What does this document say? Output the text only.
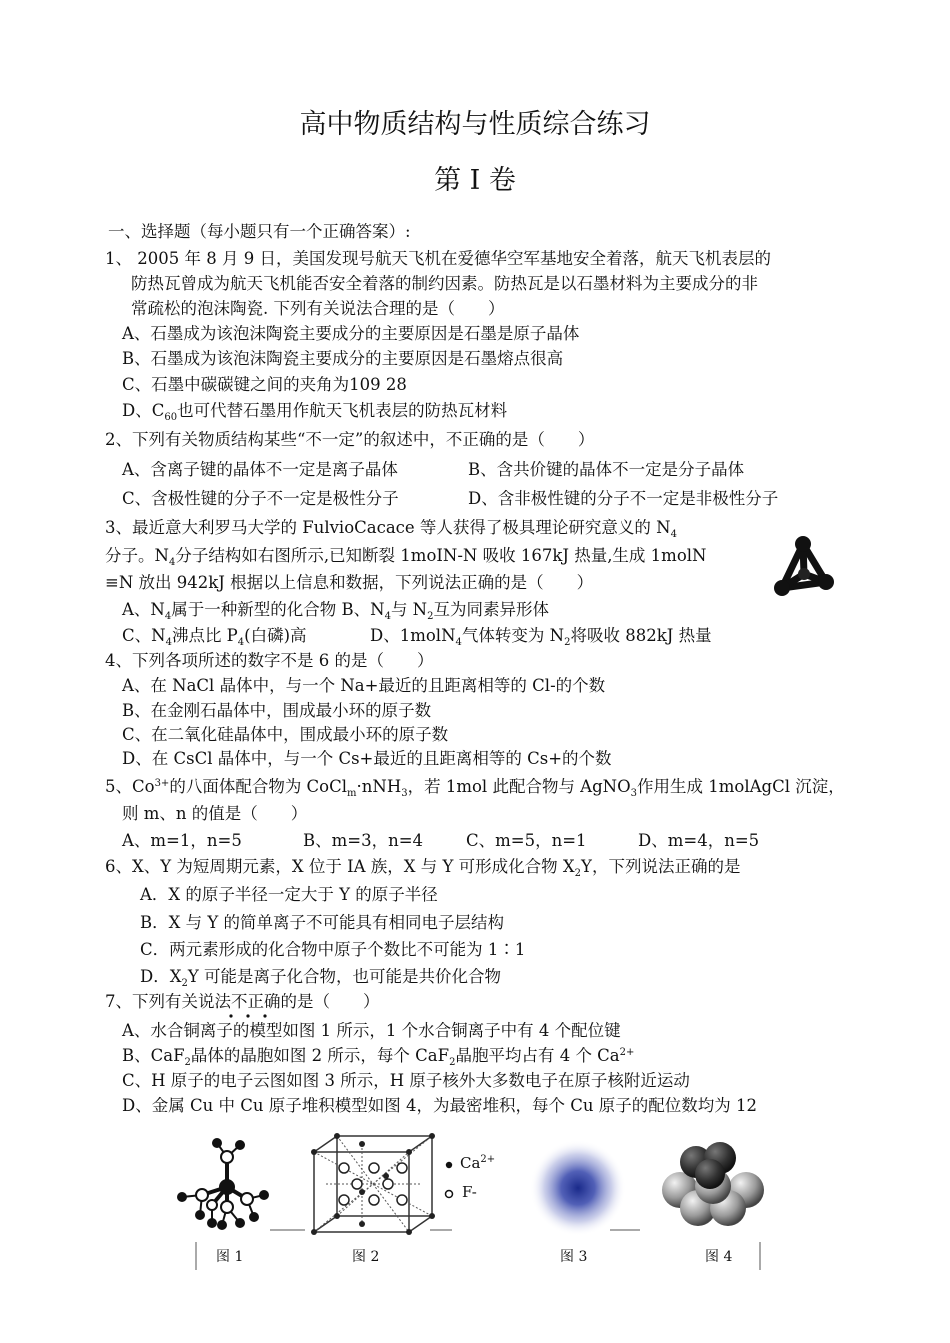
高中物质结构与性质综合练习
第 I 卷
一、选择题（每小题只有一个正确答案）:
1、 2005 年 8 月 9 日，美国发现号航天飞机在爱德华空军基地安全着落，航天飞机表层的
防热瓦曾成为航天飞机能否安全着落的制约因素。防热瓦是以石墨材料为主要成分的非
常疏松的泡沫陶瓷. 下列有关说法合理的是（　　）
A、石墨成为该泡沫陶瓷主要成分的主要原因是石墨是原子晶体
B、石墨成为该泡沫陶瓷主要成分的主要原因是石墨熔点很高
C、石墨中碳碳键之间的夹角为109 28
D、$C_{60}$也可代替石墨用作航天飞机表层的防热瓦材料
2、下列有关物质结构某些“不一定”的叙述中，不正确的是（　　）
A、含离子键的晶体不一定是离子晶体	B、含共价键的晶体不一定是分子晶体
C、含极性键的分子不一定是极性分子	D、含非极性键的分子不一定是非极性分子
3、最近意大利罗马大学的 FulvioCacace 等人获得了极具理论研究意义的 $N_4$
分子。$N_4$分子结构如右图所示,已知断裂 1moIN-N 吸收 167kJ 热量,生成 1molN
≡N 放出 942kJ 根据以上信息和数据，下列说法正确的是（　　）
A、$N_4$属于一种新型的化合物 B、$N_4$与 $N_2$互为同素异形体
C、$N_4$沸点比 $P_4$(白磷)高	D、1molN$_4$气体转变为 $N_2$将吸收 882kJ 热量
4、下列各项所述的数字不是 6 的是（　　）
A、在 NaCl 晶体中，与一个 Na+最近的且距离相等的 Cl-的个数
B、在金刚石晶体中，围成最小环的原子数
C、在二氧化硅晶体中，围成最小环的原子数
D、在 CsCl 晶体中，与一个 Cs+最近的且距离相等的 Cs+的个数
5、$Co^{3+}$的八面体配合物为 CoCl$_m$·nNH$_3$，若 1mol 此配合物与 AgNO$_3$作用生成 1molAgCl 沉淀，
则 m、n 的值是（　　）
A、m=1，n=5	B、m=3，n=4	C、m=5，n=1	D、m=4，n=5
6、X、Y 为短周期元素，X 位于 IA 族，X 与 Y 可形成化合物 $X_2Y$，下列说法正确的是
A．X 的原子半径一定大于 Y 的原子半径
B．X 与 Y 的简单离子不可能具有相同电子层结构
C．两元素形成的化合物中原子个数比不可能为 1∶1
D．$X_2Y$ 可能是离子化合物，也可能是共价化合物
7、下列有关说法不正确的是（　　）
A、水合铜离子的模型如图 1 所示，1 个水合铜离子中有 4 个配位键
B、CaF$_2$晶体的晶胞如图 2 所示，每个 CaF$_2$晶胞平均占有 4 个 $Ca^{2+}$
C、H 原子的电子云图如图 3 所示，H 原子核外大多数电子在原子核附近运动
D、金属 Cu 中 Cu 原子堆积模型如图 4，为最密堆积，每个 Cu 原子的配位数均为 12
$Ca^{2+}$
F-
图 1	图 2	图 3	图 4
